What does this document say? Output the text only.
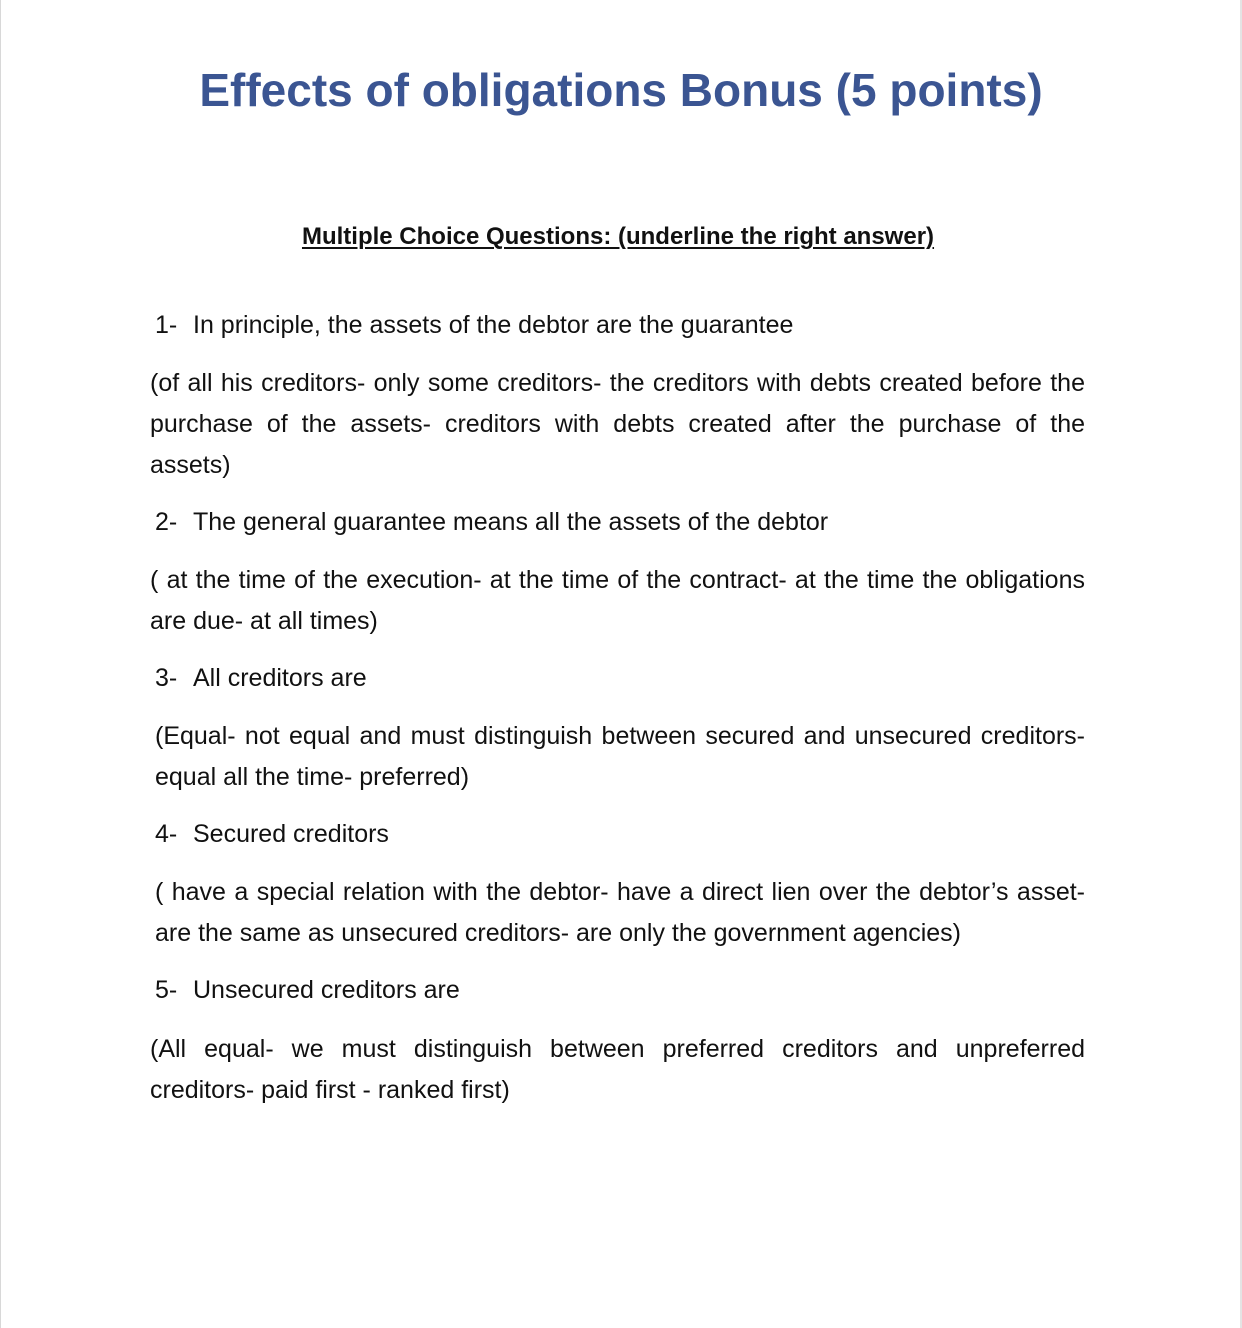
Effects of obligations Bonus (5 points)

Multiple Choice Questions: (underline the right answer)

1- In principle, the assets of the debtor are the guarantee

(of all his creditors- only some creditors- the creditors with debts created before the purchase of the assets- creditors with debts created after the purchase of the assets)

2- The general guarantee means all the assets of the debtor

( at the time of the execution- at the time of the contract- at the time the obligations are due- at all times)

3- All creditors are

(Equal- not equal and must distinguish between secured and unsecured creditors- equal all the time- preferred)

4- Secured creditors

( have a special relation with the debtor- have a direct lien over the debtor’s asset- are the same as unsecured creditors- are only the government agencies)

5- Unsecured creditors are

(All equal- we must distinguish between preferred creditors and unpreferred creditors- paid first - ranked first)
